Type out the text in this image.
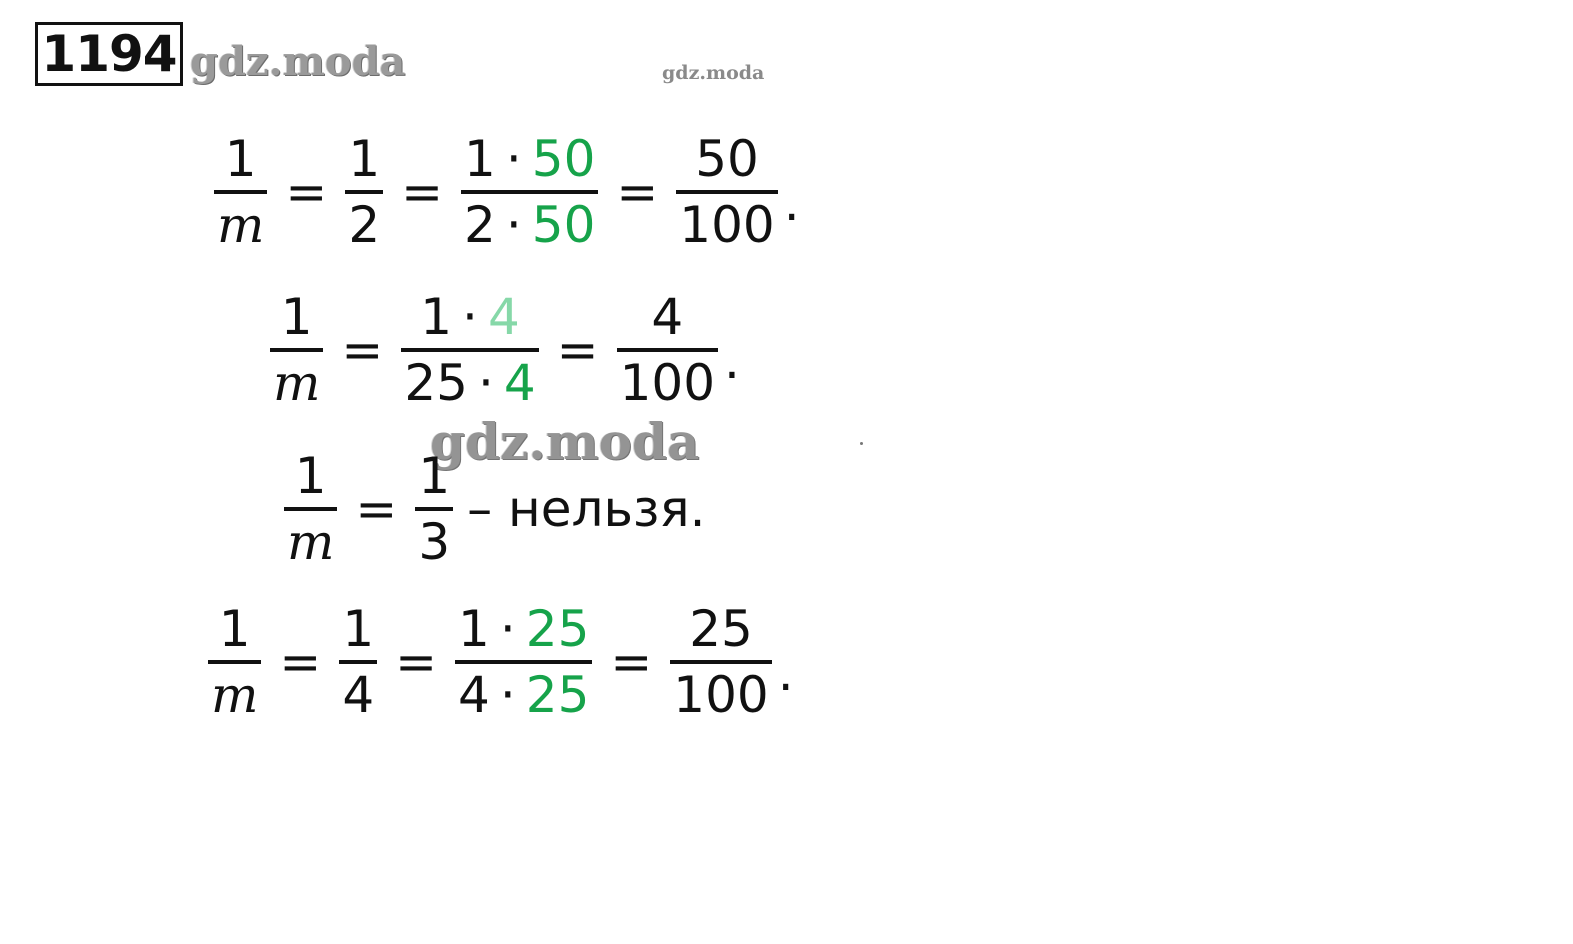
1194 gdz.moda	gdz.moda
$\frac{1}{m} = \frac{1}{2} = \frac{1 \cdot 50}{2 \cdot 50} = \frac{50}{100}$ .
$\frac{1}{m} = \frac{1 \cdot 4}{25 \cdot 4} = \frac{4}{100}$ .
gdz.moda
$\frac{1}{m} = \frac{1}{3}$ – нельзя.
$\frac{1}{m} = \frac{1}{4} = \frac{1 \cdot 25}{4 \cdot 25} = \frac{25}{100}$ .
